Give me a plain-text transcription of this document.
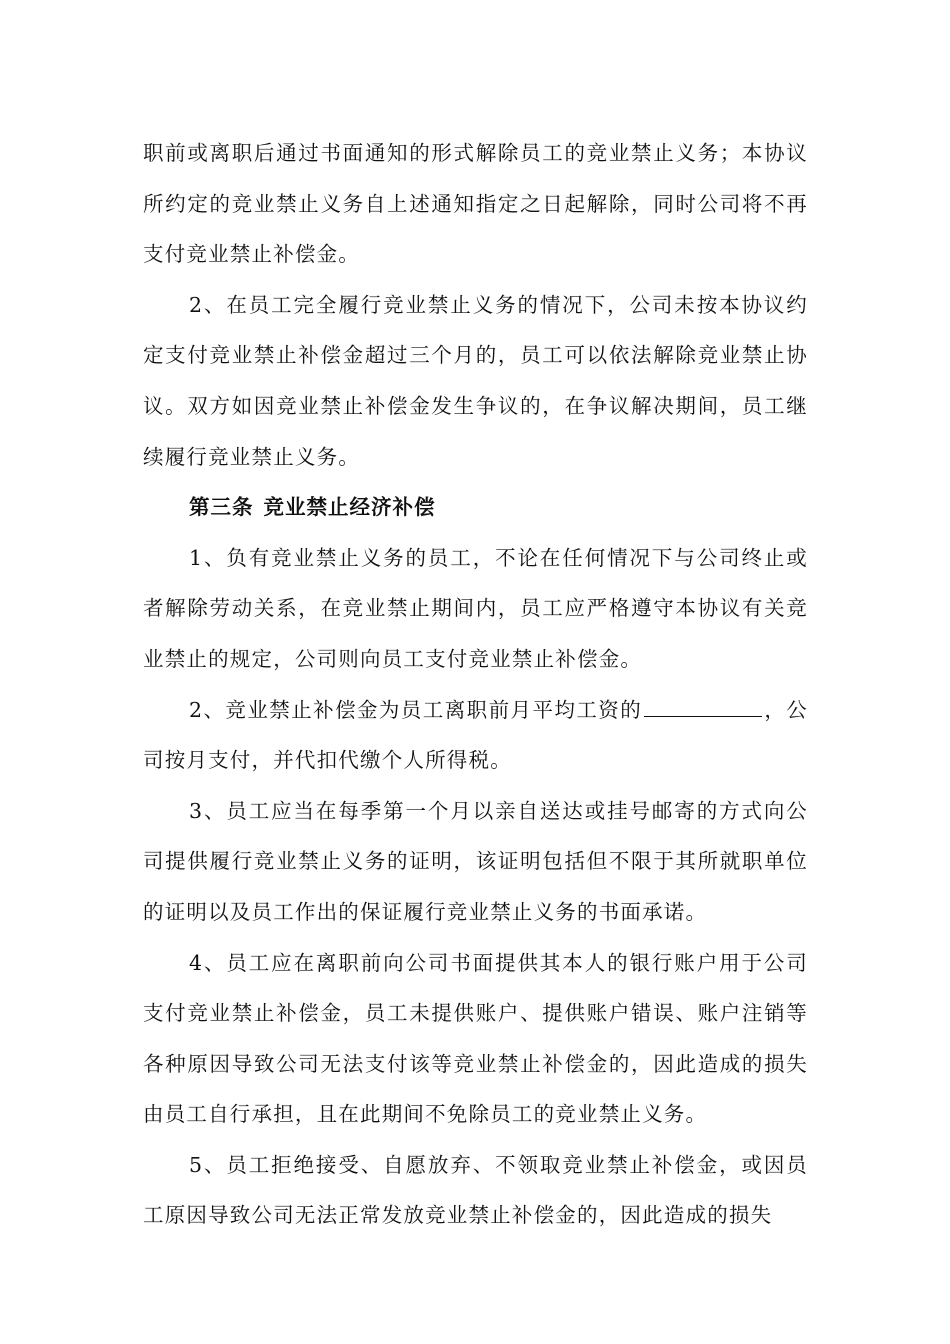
职前或离职后通过书面通知的形式解除员工的竞业禁止义务；本协议所约定的竞业禁止义务自上述通知指定之日起解除，同时公司将不再支付竞业禁止补偿金。

2、在员工完全履行竞业禁止义务的情况下，公司未按本协议约定支付竞业禁止补偿金超过三个月的，员工可以依法解除竞业禁止协议。双方如因竞业禁止补偿金发生争议的，在争议解决期间，员工继续履行竞业禁止义务。

第三条 竞业禁止经济补偿

1、负有竞业禁止义务的员工，不论在任何情况下与公司终止或者解除劳动关系，在竞业禁止期间内，员工应严格遵守本协议有关竞业禁止的规定，公司则向员工支付竞业禁止补偿金。

2、竞业禁止补偿金为员工离职前月平均工资的	，公司按月支付，并代扣代缴个人所得税。

3、员工应当在每季第一个月以亲自送达或挂号邮寄的方式向公司提供履行竞业禁止义务的证明，该证明包括但不限于其所就职单位的证明以及员工作出的保证履行竞业禁止义务的书面承诺。

4、员工应在离职前向公司书面提供其本人的银行账户用于公司支付竞业禁止补偿金，员工未提供账户、提供账户错误、账户注销等各种原因导致公司无法支付该等竞业禁止补偿金的，因此造成的损失由员工自行承担，且在此期间不免除员工的竞业禁止义务。

5、员工拒绝接受、自愿放弃、不领取竞业禁止补偿金，或因员工原因导致公司无法正常发放竞业禁止补偿金的，因此造成的损失
